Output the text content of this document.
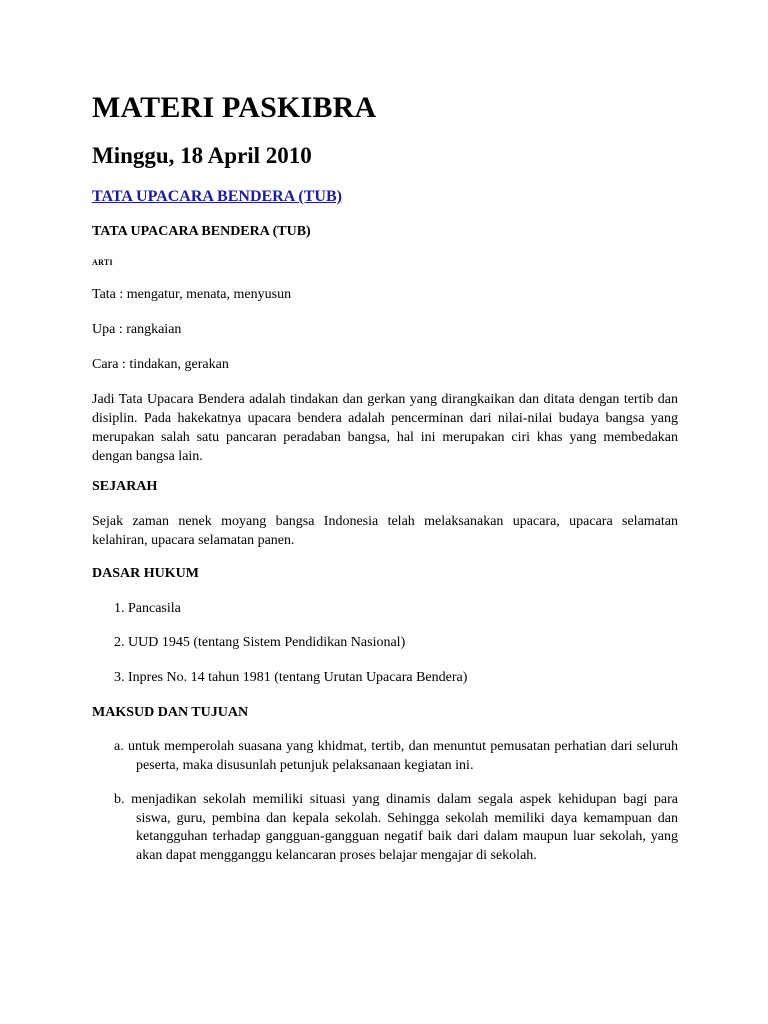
MATERI PASKIBRA
Minggu, 18 April 2010
TATA UPACARA BENDERA (TUB)
TATA UPACARA BENDERA (TUB)
ARTI
Tata : mengatur, menata, menyusun
Upa : rangkaian
Cara : tindakan, gerakan
Jadi Tata Upacara Bendera adalah tindakan dan gerkan yang dirangkaikan dan ditata dengan tertib dan disiplin. Pada hakekatnya upacara bendera adalah pencerminan dari nilai-nilai budaya bangsa yang merupakan salah satu pancaran peradaban bangsa, hal ini merupakan ciri khas yang membedakan dengan bangsa lain.
SEJARAH
Sejak zaman nenek moyang bangsa Indonesia telah melaksanakan upacara, upacara selamatan kelahiran, upacara selamatan panen.
DASAR HUKUM
1. Pancasila
2. UUD 1945 (tentang Sistem Pendidikan Nasional)
3. Inpres No. 14 tahun 1981 (tentang Urutan Upacara Bendera)
MAKSUD DAN TUJUAN
a. untuk memperolah suasana yang khidmat, tertib, dan menuntut pemusatan perhatian dari seluruh peserta, maka disusunlah petunjuk pelaksanaan kegiatan ini.
b. menjadikan sekolah memiliki situasi yang dinamis dalam segala aspek kehidupan bagi para siswa, guru, pembina dan kepala sekolah. Sehingga sekolah memiliki daya kemampuan dan ketangguhan terhadap gangguan-gangguan negatif baik dari dalam maupun luar sekolah, yang akan dapat mengganggu kelancaran proses belajar mengajar di sekolah.
